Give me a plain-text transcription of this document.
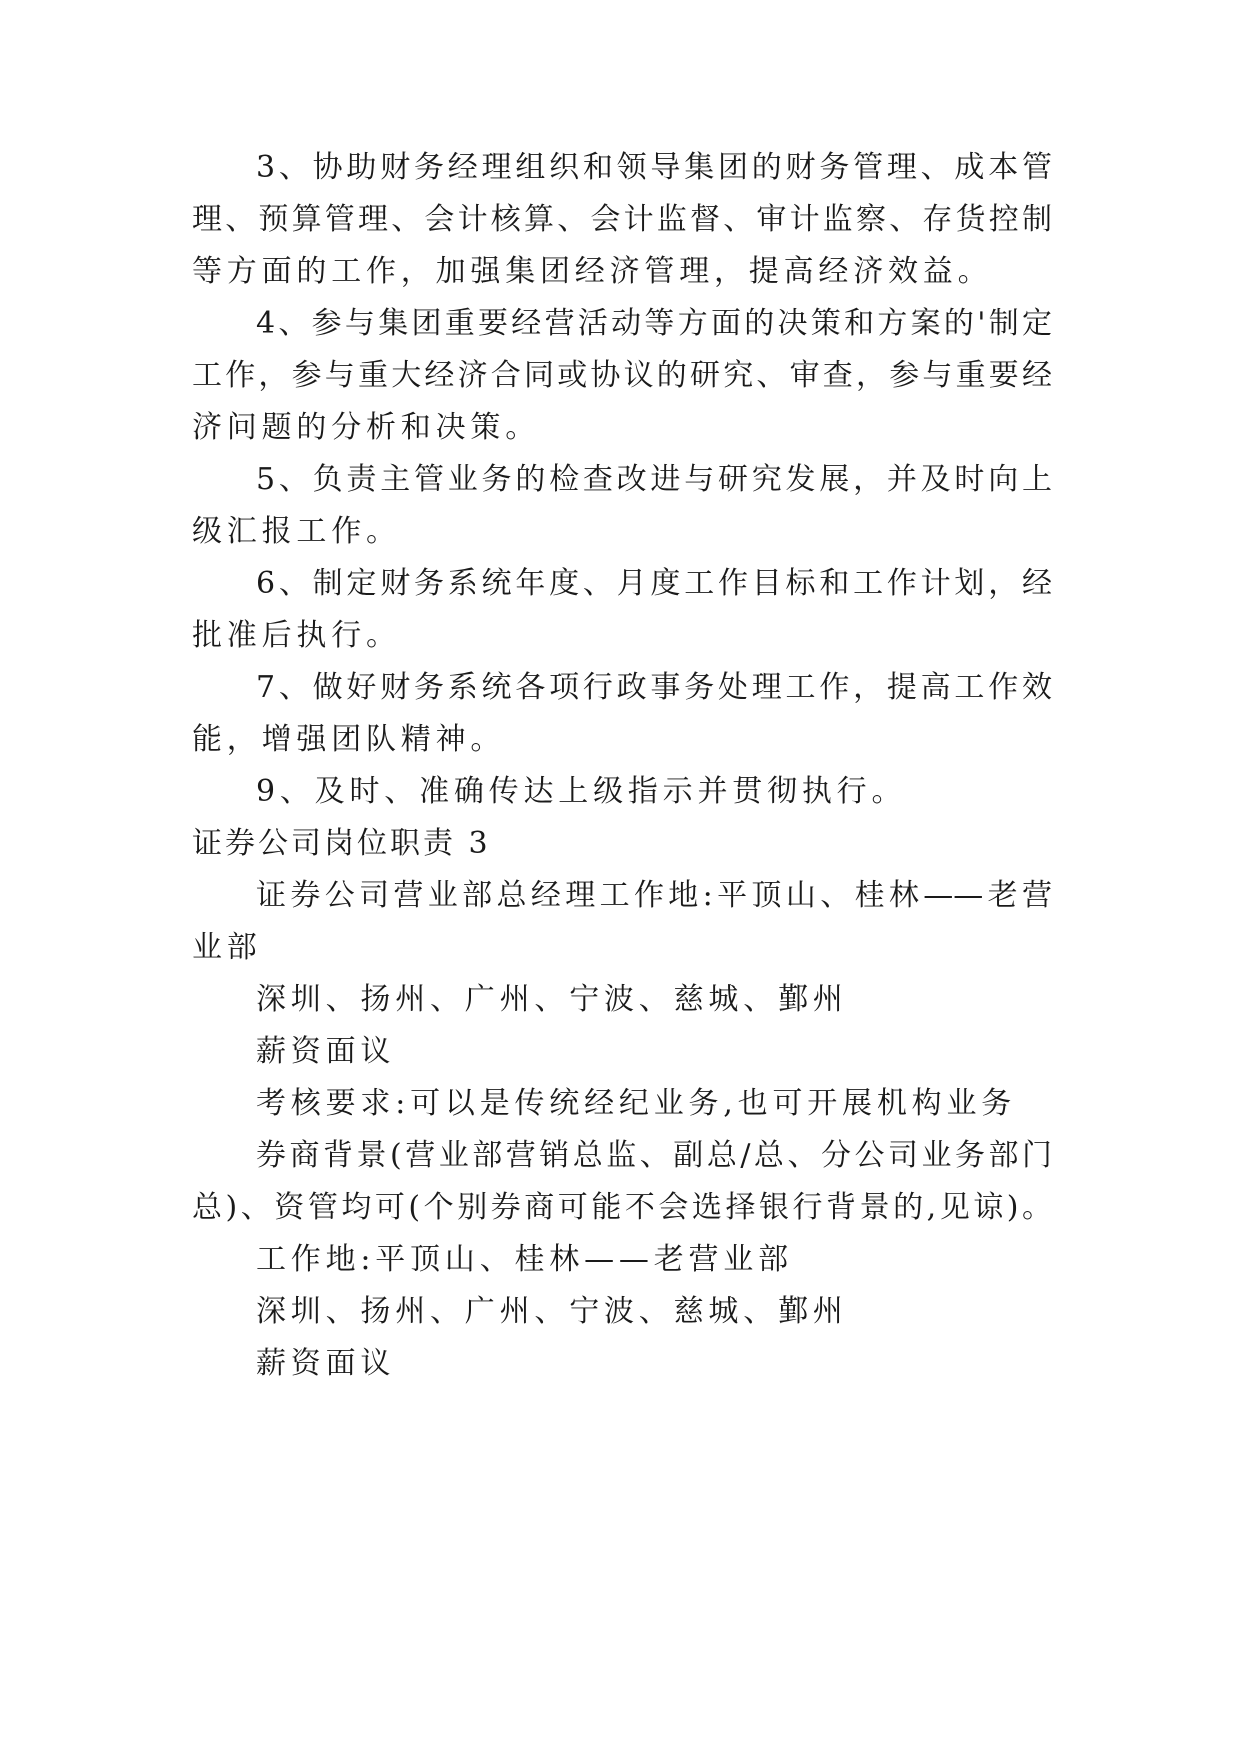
3、协助财务经理组织和领导集团的财务管理、成本管
理、预算管理、会计核算、会计监督、审计监察、存货控制
等方面的工作，加强集团经济管理，提高经济效益。
4、参与集团重要经营活动等方面的决策和方案的'制定
工作，参与重大经济合同或协议的研究、审查，参与重要经
济问题的分析和决策。
5、负责主管业务的检查改进与研究发展，并及时向上
级汇报工作。
6、制定财务系统年度、月度工作目标和工作计划，经
批准后执行。
7、做好财务系统各项行政事务处理工作，提高工作效
能，增强团队精神。
9、及时、准确传达上级指示并贯彻执行。
证券公司岗位职责 3
证券公司营业部总经理工作地:平顶山、桂林——老营
业部
深圳、扬州、广州、宁波、慈城、鄞州
薪资面议
考核要求:可以是传统经纪业务,也可开展机构业务
券商背景(营业部营销总监、副总/总、分公司业务部门
总)、资管均可(个别券商可能不会选择银行背景的,见谅)。
工作地:平顶山、桂林——老营业部
深圳、扬州、广州、宁波、慈城、鄞州
薪资面议
